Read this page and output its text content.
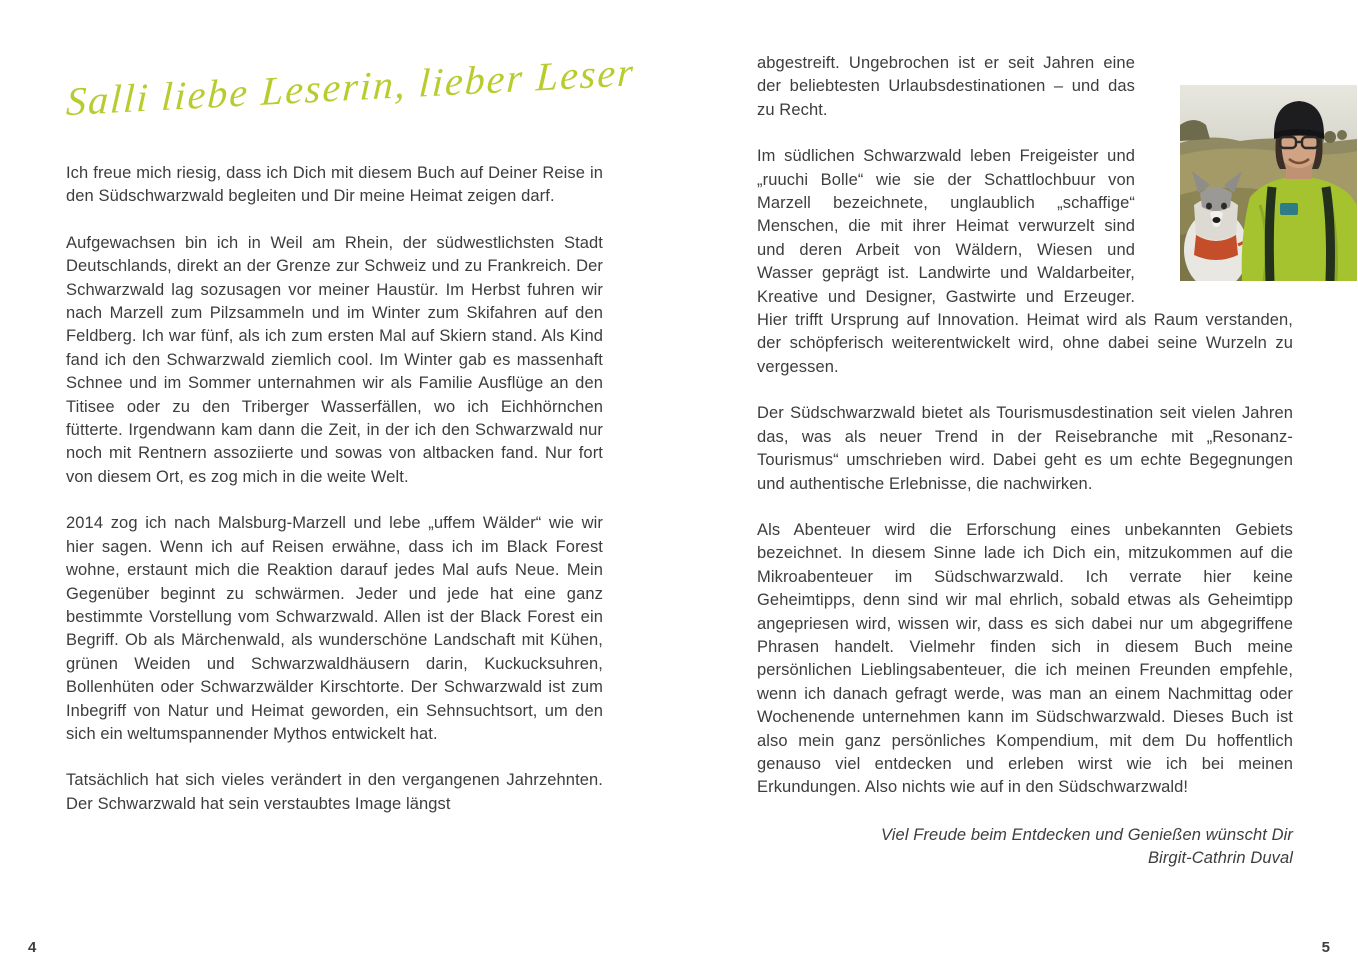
Salli liebe Leserin, lieber Leser

Ich freue mich riesig, dass ich Dich mit diesem Buch auf Deiner Reise in den Südschwarzwald begleiten und Dir meine Heimat zeigen darf.

Aufgewachsen bin ich in Weil am Rhein, der südwestlichsten Stadt Deutschlands, direkt an der Grenze zur Schweiz und zu Frankreich. Der Schwarzwald lag sozusagen vor meiner Haustür. Im Herbst fuhren wir nach Marzell zum Pilzsammeln und im Winter zum Skifahren auf den Feldberg. Ich war fünf, als ich zum ersten Mal auf Skiern stand. Als Kind fand ich den Schwarzwald ziemlich cool. Im Winter gab es massenhaft Schnee und im Sommer unternahmen wir als Familie Ausflüge an den Titisee oder zu den Triberger Wasserfällen, wo ich Eichhörnchen fütterte. Irgendwann kam dann die Zeit, in der ich den Schwarzwald nur noch mit Rentnern assoziierte und sowas von altbacken fand. Nur fort von diesem Ort, es zog mich in die weite Welt.

2014 zog ich nach Malsburg-Marzell und lebe „uffem Wälder“ wie wir hier sagen. Wenn ich auf Reisen erwähne, dass ich im Black Forest wohne, erstaunt mich die Reaktion darauf jedes Mal aufs Neue. Mein Gegenüber beginnt zu schwärmen. Jeder und jede hat eine ganz bestimmte Vorstellung vom Schwarzwald. Allen ist der Black Forest ein Begriff. Ob als Märchenwald, als wunderschöne Landschaft mit Kühen, grünen Weiden und Schwarzwaldhäusern darin, Kuckucksuhren, Bollenhüten oder Schwarzwälder Kirschtorte. Der Schwarzwald ist zum Inbegriff von Natur und Heimat geworden, ein Sehnsuchtsort, um den sich ein weltumspannender Mythos entwickelt hat.

Tatsächlich hat sich vieles verändert in den vergangenen Jahrzehnten. Der Schwarzwald hat sein verstaubtes Image längst

abgestreift. Ungebrochen ist er seit Jahren eine der beliebtesten Urlaubsdestinationen – und das zu Recht.

Im südlichen Schwarzwald leben Freigeister und „ruuchi Bolle“ wie sie der Schattlochbuur von Marzell bezeichnete, unglaublich „schaffige“ Menschen, die mit ihrer Heimat verwurzelt sind und deren Arbeit von Wäldern, Wiesen und Wasser geprägt ist. Landwirte und Waldarbeiter, Kreative und Designer, Gastwirte und Erzeuger. Hier trifft Ursprung auf Innovation. Heimat wird als Raum verstanden, der schöpferisch weiterentwickelt wird, ohne dabei seine Wurzeln zu vergessen.

Der Südschwarzwald bietet als Tourismusdestination seit vielen Jahren das, was als neuer Trend in der Reisebranche mit „Resonanz-Tourismus“ umschrieben wird. Dabei geht es um echte Begegnungen und authentische Erlebnisse, die nachwirken.

Als Abenteuer wird die Erforschung eines unbekannten Gebiets bezeichnet. In diesem Sinne lade ich Dich ein, mitzukommen auf die Mikroabenteuer im Südschwarzwald. Ich verrate hier keine Geheimtipps, denn sind wir mal ehrlich, sobald etwas als Geheimtipp angepriesen wird, wissen wir, dass es sich dabei nur um abgegriffene Phrasen handelt. Vielmehr finden sich in diesem Buch meine persönlichen Lieblingsabenteuer, die ich meinen Freunden empfehle, wenn ich danach gefragt werde, was man an einem Nachmittag oder Wochenende unternehmen kann im Südschwarzwald. Dieses Buch ist also mein ganz persönliches Kompendium, mit dem Du hoffentlich genauso viel entdecken und erleben wirst wie ich bei meinen Erkundungen. Also nichts wie auf in den Südschwarzwald!

Viel Freude beim Entdecken und Genießen wünscht Dir
Birgit-Cathrin Duval
4	5
